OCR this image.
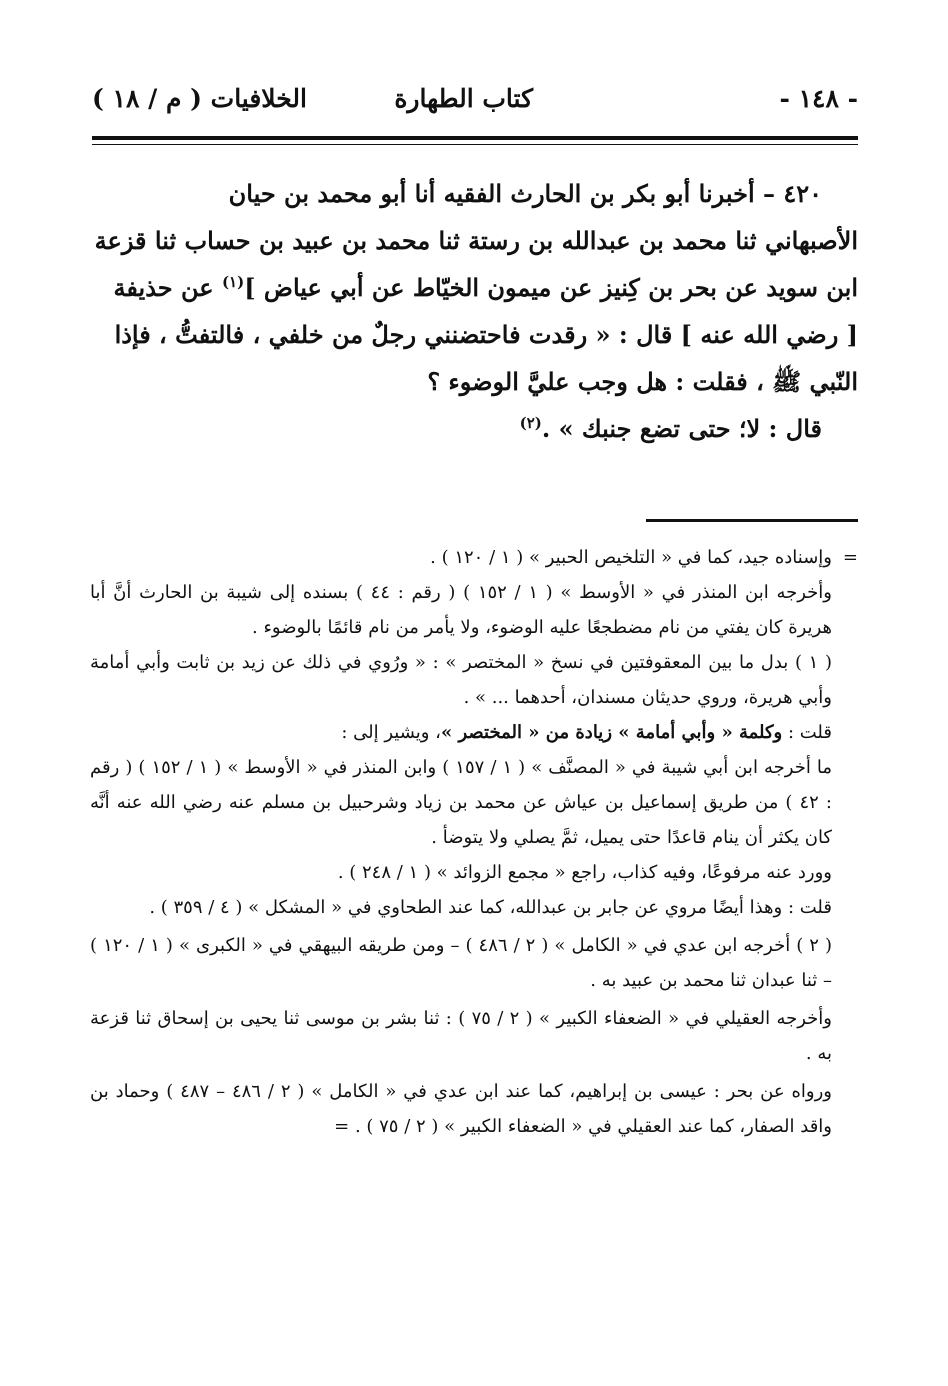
- ١٤٨ -
كتاب الطهارة
الخلافيات ( م / ١٨ )

٤٢٠ – أخبرنا أبو بكر بن الحارث الفقيه أنا أبو محمد بن حيان

الأصبهاني ثنا محمد بن عبدالله بن رستة ثنا محمد بن عبيد بن حساب ثنا قزعة

ابن سويد عن بحر بن كِنيز عن ميمون الخيّاط عن أبي عياض ]$^{(١)}$ عن حذيفة

[ رضي الله عنه ] قال : « رقدت فاحتضنني رجلٌ من خلفي ، فالتفتُّ ، فإذا

النّبي ﷺ ، فقلت : هل وجب عليَّ الوضوء ؟

قال : لا؛ حتى تضع جنبك » .$^{(٢)}$

=وإسناده جيد، كما في « التلخيص الحبير » ( ١ / ١٢٠ ) .

وأخرجه ابن المنذر في « الأوسط » ( ١ / ١٥٢ ) ( رقم : ٤٤ ) بسنده إلى شيبة بن الحارث أنَّ أبا هريرة كان يفتي من نام مضطجعًا عليه الوضوء، ولا يأمر من نام قائمًا بالوضوء .

( ١ ) بدل ما بين المعقوفتين في نسخ « المختصر » : « ورُوي في ذلك عن زيد بن ثابت وأبي أمامة وأبي هريرة، وروي حديثان مسندان، أحدهما ... » .

قلت : وكلمة « وأبي أمامة » زيادة من « المختصر »، ويشير إلى :

ما أخرجه ابن أبي شيبة في « المصنَّف » ( ١ / ١٥٧ ) وابن المنذر في « الأوسط » ( ١ / ١٥٢ ) ( رقم : ٤٢ ) من طريق إسماعيل بن عياش عن محمد بن زياد وشرحبيل بن مسلم عنه رضي الله عنه أنَّه كان يكثر أن ينام قاعدًا حتى يميل، ثمَّ يصلي ولا يتوضأ .

وورد عنه مرفوعًا، وفيه كذاب، راجع « مجمع الزوائد » ( ١ / ٢٤٨ ) .

قلت : وهذا أيضًا مروي عن جابر بن عبدالله، كما عند الطحاوي في « المشكل » ( ٤ / ٣٥٩ ) .

( ٢ ) أخرجه ابن عدي في « الكامل » ( ٢ / ٤٨٦ ) – ومن طريقه البيهقي في « الكبرى » ( ١ / ١٢٠ ) – ثنا عبدان ثنا محمد بن عبيد به .

وأخرجه العقيلي في « الضعفاء الكبير » ( ٢ / ٧٥ ) : ثنا بشر بن موسى ثنا يحيى بن إسحاق ثنا قزعة به .

ورواه عن بحر : عيسى بن إبراهيم، كما عند ابن عدي في « الكامل » ( ٢ / ٤٨٦ – ٤٨٧ ) وحماد بن واقد الصفار، كما عند العقيلي في « الضعفاء الكبير » ( ٢ / ٧٥ ) . =
